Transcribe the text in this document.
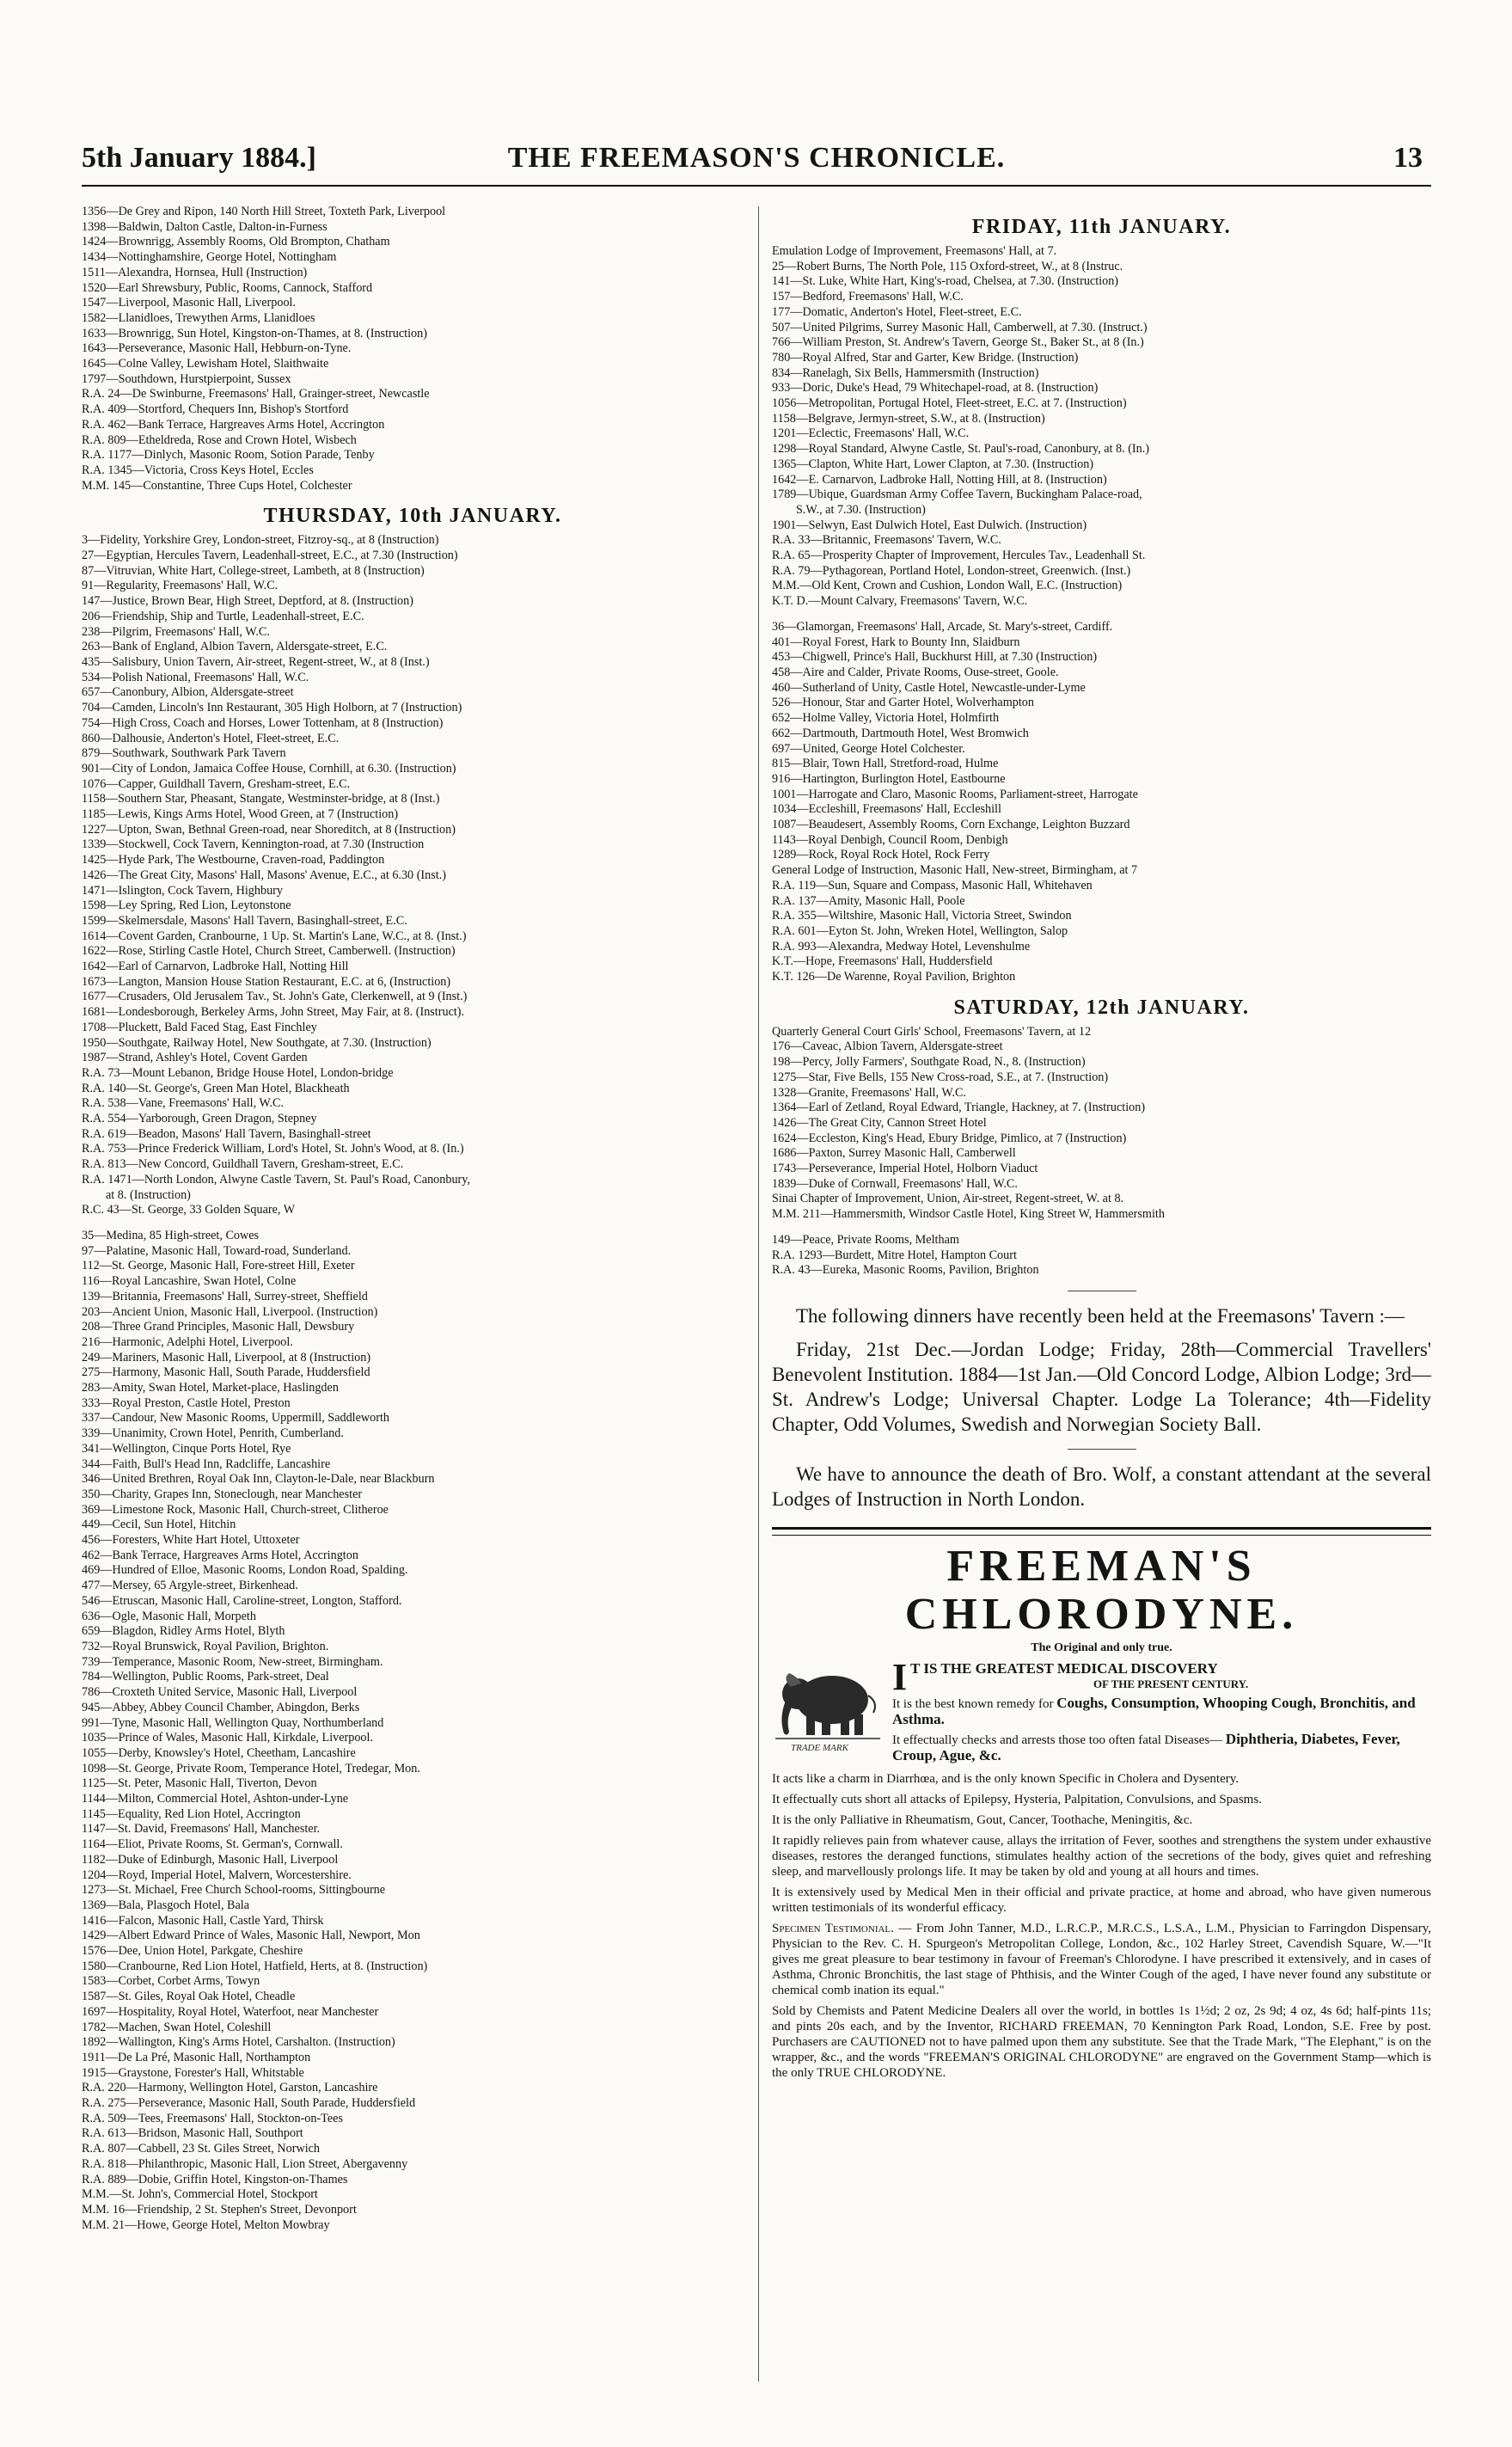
5th January 1884.]	THE FREEMASON'S CHRONICLE.	13
1356—De Grey and Ripon, 140 North Hill Street, Toxteth Park, Liverpool
1398—Baldwin, Dalton Castle, Dalton-in-Furness
1424—Brownrigg, Assembly Rooms, Old Brompton, Chatham
1434—Nottinghamshire, George Hotel, Nottingham
1511—Alexandra, Hornsea, Hull (Instruction)
1520—Earl Shrewsbury, Public, Rooms, Cannock, Stafford
1547—Liverpool, Masonic Hall, Liverpool.
1582—Llanidloes, Trewythen Arms, Llanidloes
1633—Brownrigg, Sun Hotel, Kingston-on-Thames, at 8. (Instruction)
1643—Perseverance, Masonic Hall, Hebburn-on-Tyne.
1645—Colne Valley, Lewisham Hotel, Slaithwaite
1797—Southdown, Hurstpierpoint, Sussex
R.A. 24—De Swinburne, Freemasons' Hall, Grainger-street, Newcastle
R.A. 409—Stortford, Chequers Inn, Bishop's Stortford
R.A. 462—Bank Terrace, Hargreaves Arms Hotel, Accrington
R.A. 809—Etheldreda, Rose and Crown Hotel, Wisbech
R.A. 1177—Dinlych, Masonic Room, Sotion Parade, Tenby
R.A. 1345—Victoria, Cross Keys Hotel, Eccles
M.M. 145—Constantine, Three Cups Hotel, Colchester
THURSDAY, 10th JANUARY.
3—Fidelity, Yorkshire Grey, London-street, Fitzroy-sq., at 8 (Instruction)
27—Egyptian, Hercules Tavern, Leadenhall-street, E.C., at 7.30 (Instruction)
87—Vitruvian, White Hart, College-street, Lambeth, at 8 (Instruction)
91—Regularity, Freemasons' Hall, W.C.
147—Justice, Brown Bear, High Street, Deptford, at 8. (Instruction)
206—Friendship, Ship and Turtle, Leadenhall-street, E.C.
238—Pilgrim, Freemasons' Hall, W.C.
263—Bank of England, Albion Tavern, Aldersgate-street, E.C.
435—Salisbury, Union Tavern, Air-street, Regent-street, W., at 8 (Inst.)
534—Polish National, Freemasons' Hall, W.C.
657—Canonbury, Albion, Aldersgate-street
704—Camden, Lincoln's Inn Restaurant, 305 High Holborn, at 7 (Instruction)
754—High Cross, Coach and Horses, Lower Tottenham, at 8 (Instruction)
860—Dalhousie, Anderton's Hotel, Fleet-street, E.C.
879—Southwark, Southwark Park Tavern
901—City of London, Jamaica Coffee House, Cornhill, at 6.30. (Instruction)
1076—Capper, Guildhall Tavern, Gresham-street, E.C.
1158—Southern Star, Pheasant, Stangate, Westminster-bridge, at 8 (Inst.)
1185—Lewis, Kings Arms Hotel, Wood Green, at 7 (Instruction)
1227—Upton, Swan, Bethnal Green-road, near Shoreditch, at 8 (Instruction)
1339—Stockwell, Cock Tavern, Kennington-road, at 7.30 (Instruction
1425—Hyde Park, The Westbourne, Craven-road, Paddington
1426—The Great City, Masons' Hall, Masons' Avenue, E.C., at 6.30 (Inst.)
1471—Islington, Cock Tavern, Highbury
1598—Ley Spring, Red Lion, Leytonstone
1599—Skelmersdale, Masons' Hall Tavern, Basinghall-street, E.C.
1614—Covent Garden, Cranbourne, 1 Up. St. Martin's Lane, W.C., at 8. (Inst.)
1622—Rose, Stirling Castle Hotel, Church Street, Camberwell. (Instruction)
1642—Earl of Carnarvon, Ladbroke Hall, Notting Hill
1673—Langton, Mansion House Station Restaurant, E.C. at 6, (Instruction)
1677—Crusaders, Old Jerusalem Tav., St. John's Gate, Clerkenwell, at 9 (Inst.)
1681—Londesborough, Berkeley Arms, John Street, May Fair, at 8. (Instruct).
1708—Pluckett, Bald Faced Stag, East Finchley
1950—Southgate, Railway Hotel, New Southgate, at 7.30. (Instruction)
1987—Strand, Ashley's Hotel, Covent Garden
R.A. 73—Mount Lebanon, Bridge House Hotel, London-bridge
R.A. 140—St. George's, Green Man Hotel, Blackheath
R.A. 538—Vane, Freemasons' Hall, W.C.
R.A. 554—Yarborough, Green Dragon, Stepney
R.A. 619—Beadon, Masons' Hall Tavern, Basinghall-street
R.A. 753—Prince Frederick William, Lord's Hotel, St. John's Wood, at 8. (In.)
R.A. 813—New Concord, Guildhall Tavern, Gresham-street, E.C.
R.A. 1471—North London, Alwyne Castle Tavern, St. Paul's Road, Canonbury,
at 8. (Instruction)
R.C. 43—St. George, 33 Golden Square, W
35—Medina, 85 High-street, Cowes
97—Palatine, Masonic Hall, Toward-road, Sunderland.
112—St. George, Masonic Hall, Fore-street Hill, Exeter
116—Royal Lancashire, Swan Hotel, Colne
139—Britannia, Freemasons' Hall, Surrey-street, Sheffield
203—Ancient Union, Masonic Hall, Liverpool. (Instruction)
208—Three Grand Principles, Masonic Hall, Dewsbury
216—Harmonic, Adelphi Hotel, Liverpool.
249—Mariners, Masonic Hall, Liverpool, at 8 (Instruction)
275—Harmony, Masonic Hall, South Parade, Huddersfield
283—Amity, Swan Hotel, Market-place, Haslingden
333—Royal Preston, Castle Hotel, Preston
337—Candour, New Masonic Rooms, Uppermill, Saddleworth
339—Unanimity, Crown Hotel, Penrith, Cumberland.
341—Wellington, Cinque Ports Hotel, Rye
344—Faith, Bull's Head Inn, Radcliffe, Lancashire
346—United Brethren, Royal Oak Inn, Clayton-le-Dale, near Blackburn
350—Charity, Grapes Inn, Stoneclough, near Manchester
369—Limestone Rock, Masonic Hall, Church-street, Clitheroe
449—Cecil, Sun Hotel, Hitchin
456—Foresters, White Hart Hotel, Uttoxeter
462—Bank Terrace, Hargreaves Arms Hotel, Accrington
469—Hundred of Elloe, Masonic Rooms, London Road, Spalding.
477—Mersey, 65 Argyle-street, Birkenhead.
546—Etruscan, Masonic Hall, Caroline-street, Longton, Stafford.
636—Ogle, Masonic Hall, Morpeth
659—Blagdon, Ridley Arms Hotel, Blyth
732—Royal Brunswick, Royal Pavilion, Brighton.
739—Temperance, Masonic Room, New-street, Birmingham.
784—Wellington, Public Rooms, Park-street, Deal
786—Croxteth United Service, Masonic Hall, Liverpool
945—Abbey, Abbey Council Chamber, Abingdon, Berks
991—Tyne, Masonic Hall, Wellington Quay, Northumberland
1035—Prince of Wales, Masonic Hall, Kirkdale, Liverpool.
1055—Derby, Knowsley's Hotel, Cheetham, Lancashire
1098—St. George, Private Room, Temperance Hotel, Tredegar, Mon.
1125—St. Peter, Masonic Hall, Tiverton, Devon
1144—Milton, Commercial Hotel, Ashton-under-Lyne
1145—Equality, Red Lion Hotel, Accrington
1147—St. David, Freemasons' Hall, Manchester.
1164—Eliot, Private Rooms, St. German's, Cornwall.
1182—Duke of Edinburgh, Masonic Hall, Liverpool
1204—Royd, Imperial Hotel, Malvern, Worcestershire.
1273—St. Michael, Free Church School-rooms, Sittingbourne
1369—Bala, Plasgoch Hotel, Bala
1416—Falcon, Masonic Hall, Castle Yard, Thirsk
1429—Albert Edward Prince of Wales, Masonic Hall, Newport, Mon
1576—Dee, Union Hotel, Parkgate, Cheshire
1580—Cranbourne, Red Lion Hotel, Hatfield, Herts, at 8. (Instruction)
1583—Corbet, Corbet Arms, Towyn
1587—St. Giles, Royal Oak Hotel, Cheadle
1697—Hospitality, Royal Hotel, Waterfoot, near Manchester
1782—Machen, Swan Hotel, Coleshill
1892—Wallington, King's Arms Hotel, Carshalton. (Instruction)
1911—De La Pré, Masonic Hall, Northampton
1915—Graystone, Forester's Hall, Whitstable
R.A. 220—Harmony, Wellington Hotel, Garston, Lancashire
R.A. 275—Perseverance, Masonic Hall, South Parade, Huddersfield
R.A. 509—Tees, Freemasons' Hall, Stockton-on-Tees
R.A. 613—Bridson, Masonic Hall, Southport
R.A. 807—Cabbell, 23 St. Giles Street, Norwich
R.A. 818—Philanthropic, Masonic Hall, Lion Street, Abergavenny
R.A. 889—Dobie, Griffin Hotel, Kingston-on-Thames
M.M.—St. John's, Commercial Hotel, Stockport
M.M. 16—Friendship, 2 St. Stephen's Street, Devonport
M.M. 21—Howe, George Hotel, Melton Mowbray
FRIDAY, 11th JANUARY.
Emulation Lodge of Improvement, Freemasons' Hall, at 7.
25—Robert Burns, The North Pole, 115 Oxford-street, W., at 8 (Instruc.
141—St. Luke, White Hart, King's-road, Chelsea, at 7.30. (Instruction)
157—Bedford, Freemasons' Hall, W.C.
177—Domatic, Anderton's Hotel, Fleet-street, E.C.
507—United Pilgrims, Surrey Masonic Hall, Camberwell, at 7.30. (Instruct.)
766—William Preston, St. Andrew's Tavern, George St., Baker St., at 8 (In.)
780—Royal Alfred, Star and Garter, Kew Bridge. (Instruction)
834—Ranelagh, Six Bells, Hammersmith (Instruction)
933—Doric, Duke's Head, 79 Whitechapel-road, at 8. (Instruction)
1056—Metropolitan, Portugal Hotel, Fleet-street, E.C. at 7. (Instruction)
1158—Belgrave, Jermyn-street, S.W., at 8. (Instruction)
1201—Eclectic, Freemasons' Hall, W.C.
1298—Royal Standard, Alwyne Castle, St. Paul's-road, Canonbury, at 8. (In.)
1365—Clapton, White Hart, Lower Clapton, at 7.30. (Instruction)
1642—E. Carnarvon, Ladbroke Hall, Notting Hill, at 8. (Instruction)
1789—Ubique, Guardsman Army Coffee Tavern, Buckingham Palace-road,
S.W., at 7.30. (Instruction)
1901—Selwyn, East Dulwich Hotel, East Dulwich. (Instruction)
R.A. 33—Britannic, Freemasons' Tavern, W.C.
R.A. 65—Prosperity Chapter of Improvement, Hercules Tav., Leadenhall St.
R.A. 79—Pythagorean, Portland Hotel, London-street, Greenwich. (Inst.)
M.M.—Old Kent, Crown and Cushion, London Wall, E.C. (Instruction)
K.T. D.—Mount Calvary, Freemasons' Tavern, W.C.
36—Glamorgan, Freemasons' Hall, Arcade, St. Mary's-street, Cardiff.
401—Royal Forest, Hark to Bounty Inn, Slaidburn
453—Chigwell, Prince's Hall, Buckhurst Hill, at 7.30 (Instruction)
458—Aire and Calder, Private Rooms, Ouse-street, Goole.
460—Sutherland of Unity, Castle Hotel, Newcastle-under-Lyme
526—Honour, Star and Garter Hotel, Wolverhampton
652—Holme Valley, Victoria Hotel, Holmfirth
662—Dartmouth, Dartmouth Hotel, West Bromwich
697—United, George Hotel Colchester.
815—Blair, Town Hall, Stretford-road, Hulme
916—Hartington, Burlington Hotel, Eastbourne
1001—Harrogate and Claro, Masonic Rooms, Parliament-street, Harrogate
1034—Eccleshill, Freemasons' Hall, Eccleshill
1087—Beaudesert, Assembly Rooms, Corn Exchange, Leighton Buzzard
1143—Royal Denbigh, Council Room, Denbigh
1289—Rock, Royal Rock Hotel, Rock Ferry
General Lodge of Instruction, Masonic Hall, New-street, Birmingham, at 7
R.A. 119—Sun, Square and Compass, Masonic Hall, Whitehaven
R.A. 137—Amity, Masonic Hall, Poole
R.A. 355—Wiltshire, Masonic Hall, Victoria Street, Swindon
R.A. 601—Eyton St. John, Wreken Hotel, Wellington, Salop
R.A. 993—Alexandra, Medway Hotel, Levenshulme
K.T.—Hope, Freemasons' Hall, Huddersfield
K.T. 126—De Warenne, Royal Pavilion, Brighton
SATURDAY, 12th JANUARY.
Quarterly General Court Girls' School, Freemasons' Tavern, at 12
176—Caveac, Albion Tavern, Aldersgate-street
198—Percy, Jolly Farmers', Southgate Road, N., 8. (Instruction)
1275—Star, Five Bells, 155 New Cross-road, S.E., at 7. (Instruction)
1328—Granite, Freemasons' Hall, W.C.
1364—Earl of Zetland, Royal Edward, Triangle, Hackney, at 7. (Instruction)
1426—The Great City, Cannon Street Hotel
1624—Eccleston, King's Head, Ebury Bridge, Pimlico, at 7 (Instruction)
1686—Paxton, Surrey Masonic Hall, Camberwell
1743—Perseverance, Imperial Hotel, Holborn Viaduct
1839—Duke of Cornwall, Freemasons' Hall, W.C.
Sinai Chapter of Improvement, Union, Air-street, Regent-street, W. at 8.
M.M. 211—Hammersmith, Windsor Castle Hotel, King Street W, Hammersmith
149—Peace, Private Rooms, Meltham
R.A. 1293—Burdett, Mitre Hotel, Hampton Court
R.A. 43—Eureka, Masonic Rooms, Pavilion, Brighton

The following dinners have recently been held at the Freemasons' Tavern :—

Friday, 21st Dec.—Jordan Lodge; Friday, 28th—Commercial Travellers' Benevolent Institution. 1884—1st Jan.—Old Concord Lodge, Albion Lodge; 3rd—St. Andrew's Lodge; Universal Chapter. Lodge La Tolerance; 4th—Fidelity Chapter, Odd Volumes, Swedish and Norwegian Society Ball.

We have to announce the death of Bro. Wolf, a constant attendant at the several Lodges of Instruction in North London.

FREEMAN'S CHLORODYNE.
The Original and only true.
TRADE MARK
I T IS THE GREATEST MEDICAL DISCOVERY
OF THE PRESENT CENTURY.
It is the best known remedy for Coughs, Consumption, Whooping Cough, Bronchitis, and Asthma.
It effectually checks and arrests those too often fatal Diseases— Diphtheria, Diabetes, Fever, Croup, Ague, &c.

It acts like a charm in Diarrhœa, and is the only known Specific in Cholera and Dysentery.

It effectually cuts short all attacks of Epilepsy, Hysteria, Palpitation, Convulsions, and Spasms.

It is the only Palliative in Rheumatism, Gout, Cancer, Toothache, Meningitis, &c.

It rapidly relieves pain from whatever cause, allays the irritation of Fever, soothes and strengthens the system under exhaustive diseases, restores the deranged functions, stimulates healthy action of the secretions of the body, gives quiet and refreshing sleep, and marvellously prolongs life. It may be taken by old and young at all hours and times.

It is extensively used by Medical Men in their official and private practice, at home and abroad, who have given numerous written testimonials of its wonderful efficacy.

Specimen Testimonial. — From John Tanner, M.D., L.R.C.P., M.R.C.S., L.S.A., L.M., Physician to Farringdon Dispensary, Physician to the Rev. C. H. Spurgeon's Metropolitan College, London, &c., 102 Harley Street, Cavendish Square, W.—"It gives me great pleasure to bear testimony in favour of Freeman's Chlorodyne. I have prescribed it extensively, and in cases of Asthma, Chronic Bronchitis, the last stage of Phthisis, and the Winter Cough of the aged, I have never found any substitute or chemical comb ination its equal."

Sold by Chemists and Patent Medicine Dealers all over the world, in bottles 1s 1½d; 2 oz, 2s 9d; 4 oz, 4s 6d; half-pints 11s; and pints 20s each, and by the Inventor, RICHARD FREEMAN, 70 Kennington Park Road, London, S.E. Free by post. Purchasers are CAUTIONED not to have palmed upon them any substitute. See that the Trade Mark, "The Elephant," is on the wrapper, &c., and the words "FREEMAN'S ORIGINAL CHLORODYNE" are engraved on the Government Stamp—which is the only TRUE CHLORODYNE.
